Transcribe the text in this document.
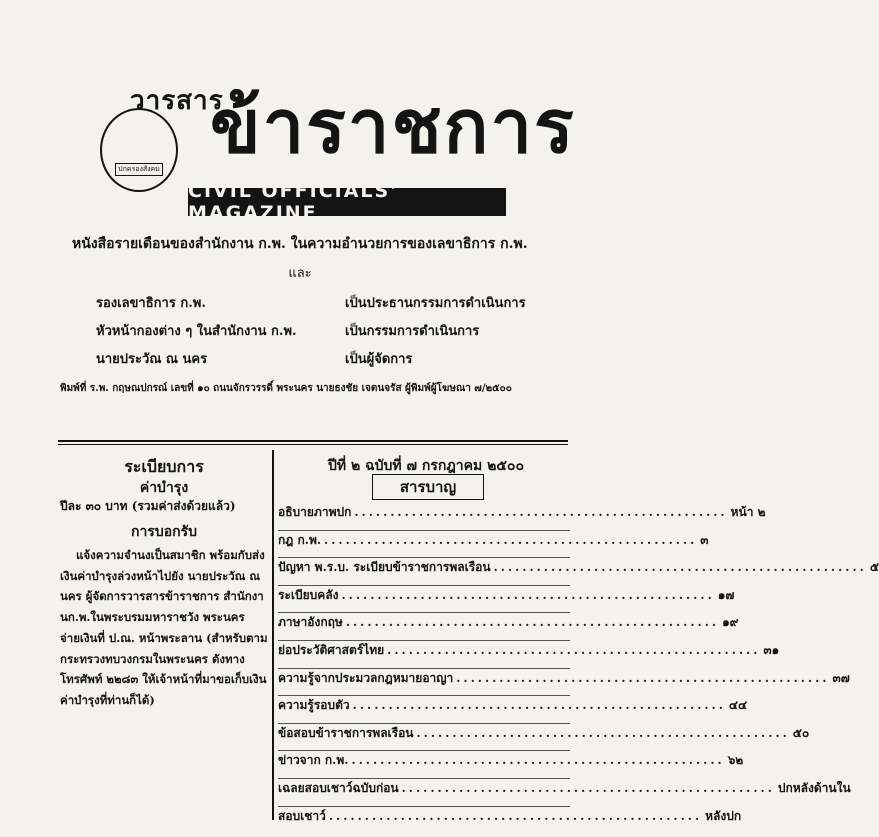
วารสาร
ปกครองสังคม ข้าราชการ
CIVIL OFFICIALS' MAGAZINE
หนังสือรายเดือนของสำนักงาน ก.พ. ในความอำนวยการของเลขาธิการ ก.พ.
และ
รองเลขาธิการ ก.พ.	เป็นประธานกรรมการดำเนินการ
หัวหน้ากองต่าง ๆ ในสำนักงาน ก.พ.	เป็นกรรมการดำเนินการ
นายประวัณ ณ นคร	เป็นผู้จัดการ
พิมพ์ที่ ร.พ. กฤษณปกรณ์ เลขที่ ๑๐ ถนนจักรวรรดิ์ พระนคร นายธงชัย เจตนจรัส ผู้พิมพ์ผู้โฆษณา ๗/๒๕๐๐
ระเบียบการ
ค่าบำรุง
ปีละ ๓๐ บาท (รวมค่าส่งด้วยแล้ว)
การบอกรับ
แจ้งความจำนงเป็นสมาชิก พร้อมกับส่งเงินค่าบำรุงล่วงหน้าไปยัง นายประวัณ ณ นคร ผู้จัดการวารสารข้าราชการ สำนักงานก.พ.ในพระบรมมหาราชวัง พระนคร จ่ายเงินที่ ป.ณ. หน้าพระลาน (สำหรับตามกระทรวงทบวงกรมในพระนคร ดังทางโทรศัพท์ ๒๒๘๓ ให้เจ้าหน้าที่มาขอเก็บเงินค่าบำรุงที่ท่านก็ได้)
ปีที่ ๒ ฉบับที่ ๗ กรกฎาคม ๒๕๐๐
สารบาญ
อธิบายภาพปก .................................................... หน้า ๒
กฎ ก.พ. .................................................... ๓
ปัญหา พ.ร.บ. ระเบียบข้าราชการพลเรือน .................................................... ๕
ระเบียบคลัง .................................................... ๑๗
ภาษาอังกฤษ .................................................... ๑๙
ย่อประวัติศาสตร์ไทย .................................................... ๓๑
ความรู้จากประมวลกฎหมายอาญา .................................................... ๓๗
ความรู้รอบตัว .................................................... ๔๔
ข้อสอบข้าราชการพลเรือน .................................................... ๕๐
ข่าวจาก ก.พ. .................................................... ๖๒
เฉลยสอบเชาว์ฉบับก่อน .................................................... ปกหลังด้านใน
สอบเชาว์ .................................................... หลังปก
